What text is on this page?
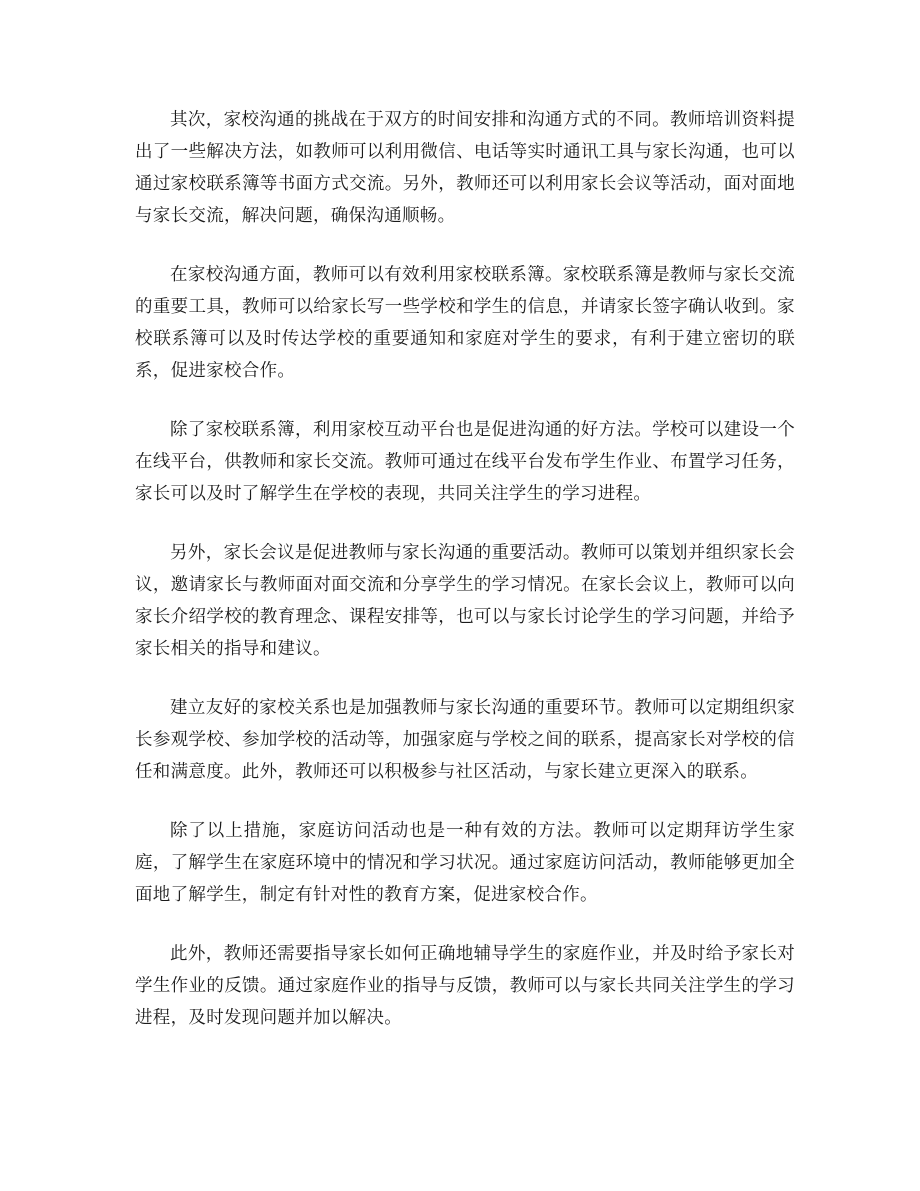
其次，家校沟通的挑战在于双方的时间安排和沟通方式的不同。教师培训资料提出了一些解决方法，如教师可以利用微信、电话等实时通讯工具与家长沟通，也可以通过家校联系簿等书面方式交流。另外，教师还可以利用家长会议等活动，面对面地与家长交流，解决问题，确保沟通顺畅。

在家校沟通方面，教师可以有效利用家校联系簿。家校联系簿是教师与家长交流的重要工具，教师可以给家长写一些学校和学生的信息，并请家长签字确认收到。家校联系簿可以及时传达学校的重要通知和家庭对学生的要求，有利于建立密切的联系，促进家校合作。

除了家校联系簿，利用家校互动平台也是促进沟通的好方法。学校可以建设一个在线平台，供教师和家长交流。教师可通过在线平台发布学生作业、布置学习任务，家长可以及时了解学生在学校的表现，共同关注学生的学习进程。

另外，家长会议是促进教师与家长沟通的重要活动。教师可以策划并组织家长会议，邀请家长与教师面对面交流和分享学生的学习情况。在家长会议上，教师可以向家长介绍学校的教育理念、课程安排等，也可以与家长讨论学生的学习问题，并给予家长相关的指导和建议。

建立友好的家校关系也是加强教师与家长沟通的重要环节。教师可以定期组织家长参观学校、参加学校的活动等，加强家庭与学校之间的联系，提高家长对学校的信任和满意度。此外，教师还可以积极参与社区活动，与家长建立更深入的联系。

除了以上措施，家庭访问活动也是一种有效的方法。教师可以定期拜访学生家庭，了解学生在家庭环境中的情况和学习状况。通过家庭访问活动，教师能够更加全面地了解学生，制定有针对性的教育方案，促进家校合作。

此外，教师还需要指导家长如何正确地辅导学生的家庭作业，并及时给予家长对学生作业的反馈。通过家庭作业的指导与反馈，教师可以与家长共同关注学生的学习进程，及时发现问题并加以解决。
